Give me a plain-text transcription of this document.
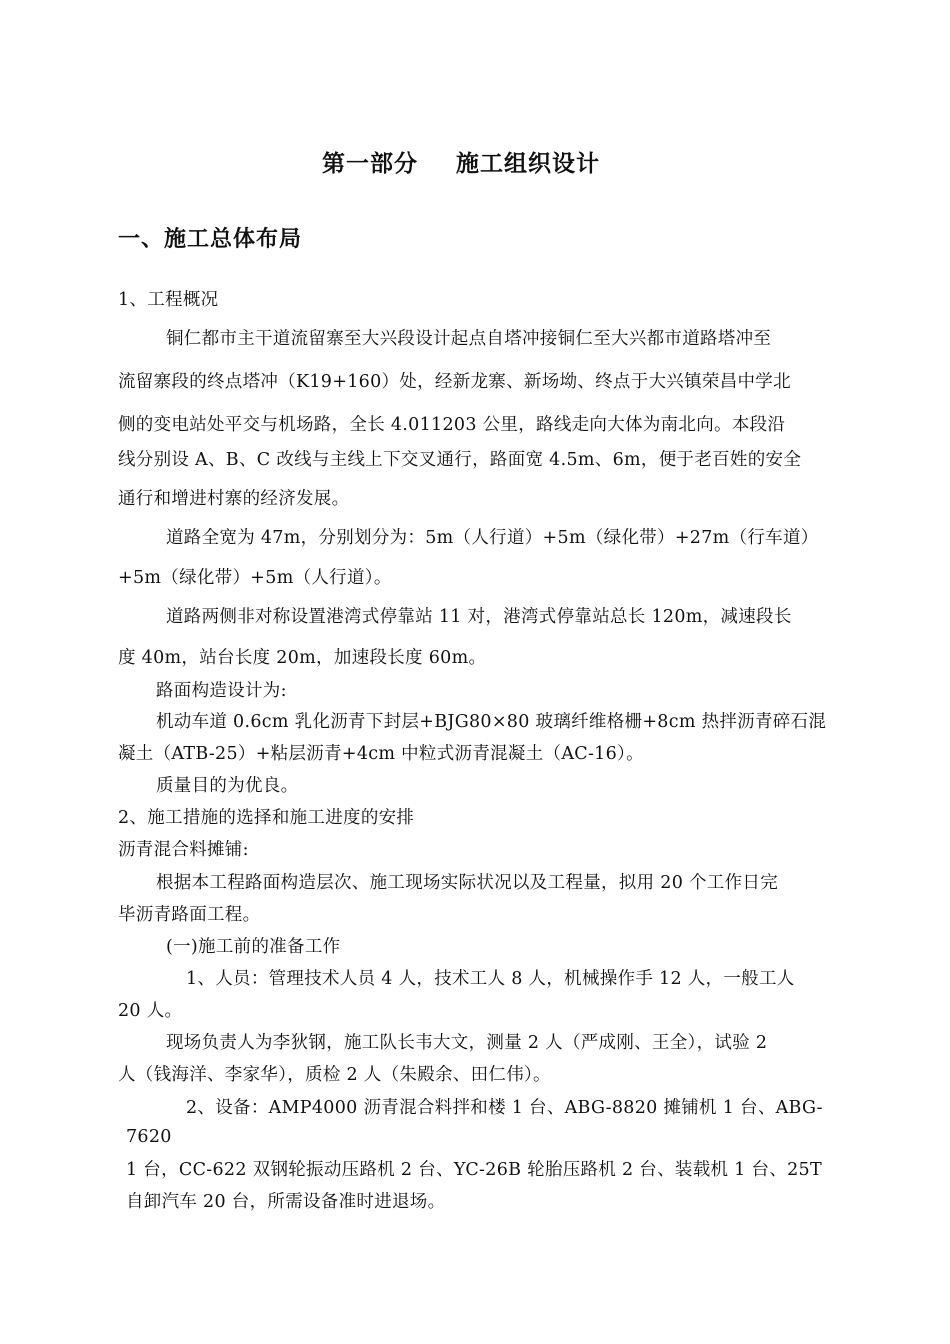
第一部分 施工组织设计
一、施工总体布局
1、工程概况
铜仁都市主干道流留寨至大兴段设计起点自塔冲接铜仁至大兴都市道路塔冲至
流留寨段的终点塔冲（K19+160）处，经新龙寨、新场坳、终点于大兴镇荣昌中学北
侧的变电站处平交与机场路，全长 4.011203 公里，路线走向大体为南北向。本段沿
线分别设 A、B、C 改线与主线上下交叉通行，路面宽 4.5m、6m，便于老百姓的安全
通行和增进村寨的经济发展。
道路全宽为 47m，分别划分为：5m（人行道）+5m（绿化带）+27m（行车道）
+5m（绿化带）+5m（人行道）。
道路两侧非对称设置港湾式停靠站 11 对，港湾式停靠站总长 120m，减速段长
度 40m，站台长度 20m，加速段长度 60m。
路面构造设计为:
机动车道 0.6cm 乳化沥青下封层+BJG80×80 玻璃纤维格栅+8cm 热拌沥青碎石混
凝土（ATB-25）+粘层沥青+4cm 中粒式沥青混凝土（AC-16）。
质量目的为优良。
2、施工措施的选择和施工进度的安排
沥青混合料摊铺:
根据本工程路面构造层次、施工现场实际状况以及工程量，拟用 20 个工作日完
毕沥青路面工程。
(一)施工前的准备工作
1、人员：管理技术人员 4 人，技术工人 8 人，机械操作手 12 人，一般工人
20 人。
现场负责人为李狄钢，施工队长韦大文，测量 2 人（严成刚、王全），试验 2
人（钱海洋、李家华），质检 2 人（朱殿余、田仁伟）。
2、设备：AMP4000 沥青混合料拌和楼 1 台、ABG-8820 摊铺机 1 台、ABG-
7620
1 台，CC-622 双钢轮振动压路机 2 台、YC-26B 轮胎压路机 2 台、装载机 1 台、25T
自卸汽车 20 台，所需设备准时进退场。
